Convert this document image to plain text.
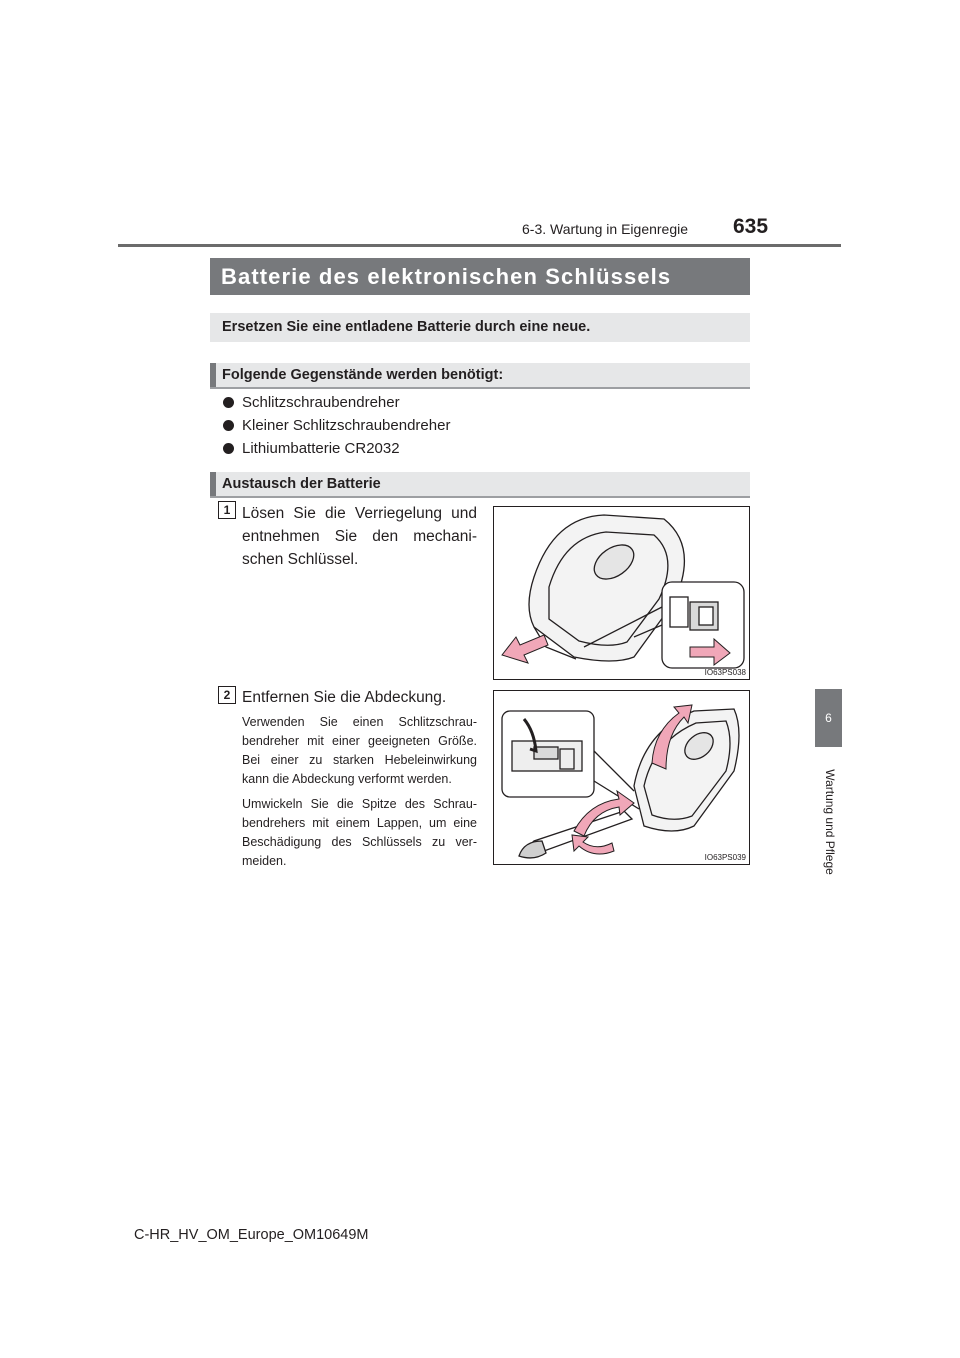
6-3. Wartung in Eigenregie 635
6
Wartung und Pflege
Batterie des elektronischen Schlüssels
Ersetzen Sie eine entladene Batterie durch eine neue.
Folgende Gegenstände werden benötigt:
Schlitzschraubendreher
Kleiner Schlitzschraubendreher
Lithiumbatterie CR2032
Austausch der Batterie
1 Lösen Sie die Verriegelung und entnehmen Sie den mechani-schen Schlüssel.
IO63PS038
2 Entfernen Sie die Abdeckung.
Verwenden Sie einen Schlitzschrau-bendreher mit einer geeigneten Größe. Bei einer zu starken Hebeleinwirkung kann die Abdeckung verformt werden.
Umwickeln Sie die Spitze des Schrau-bendrehers mit einem Lappen, um eine Beschädigung des Schlüssels zu ver-meiden.	IO63PS039
C-HR_HV_OM_Europe_OM10649M
